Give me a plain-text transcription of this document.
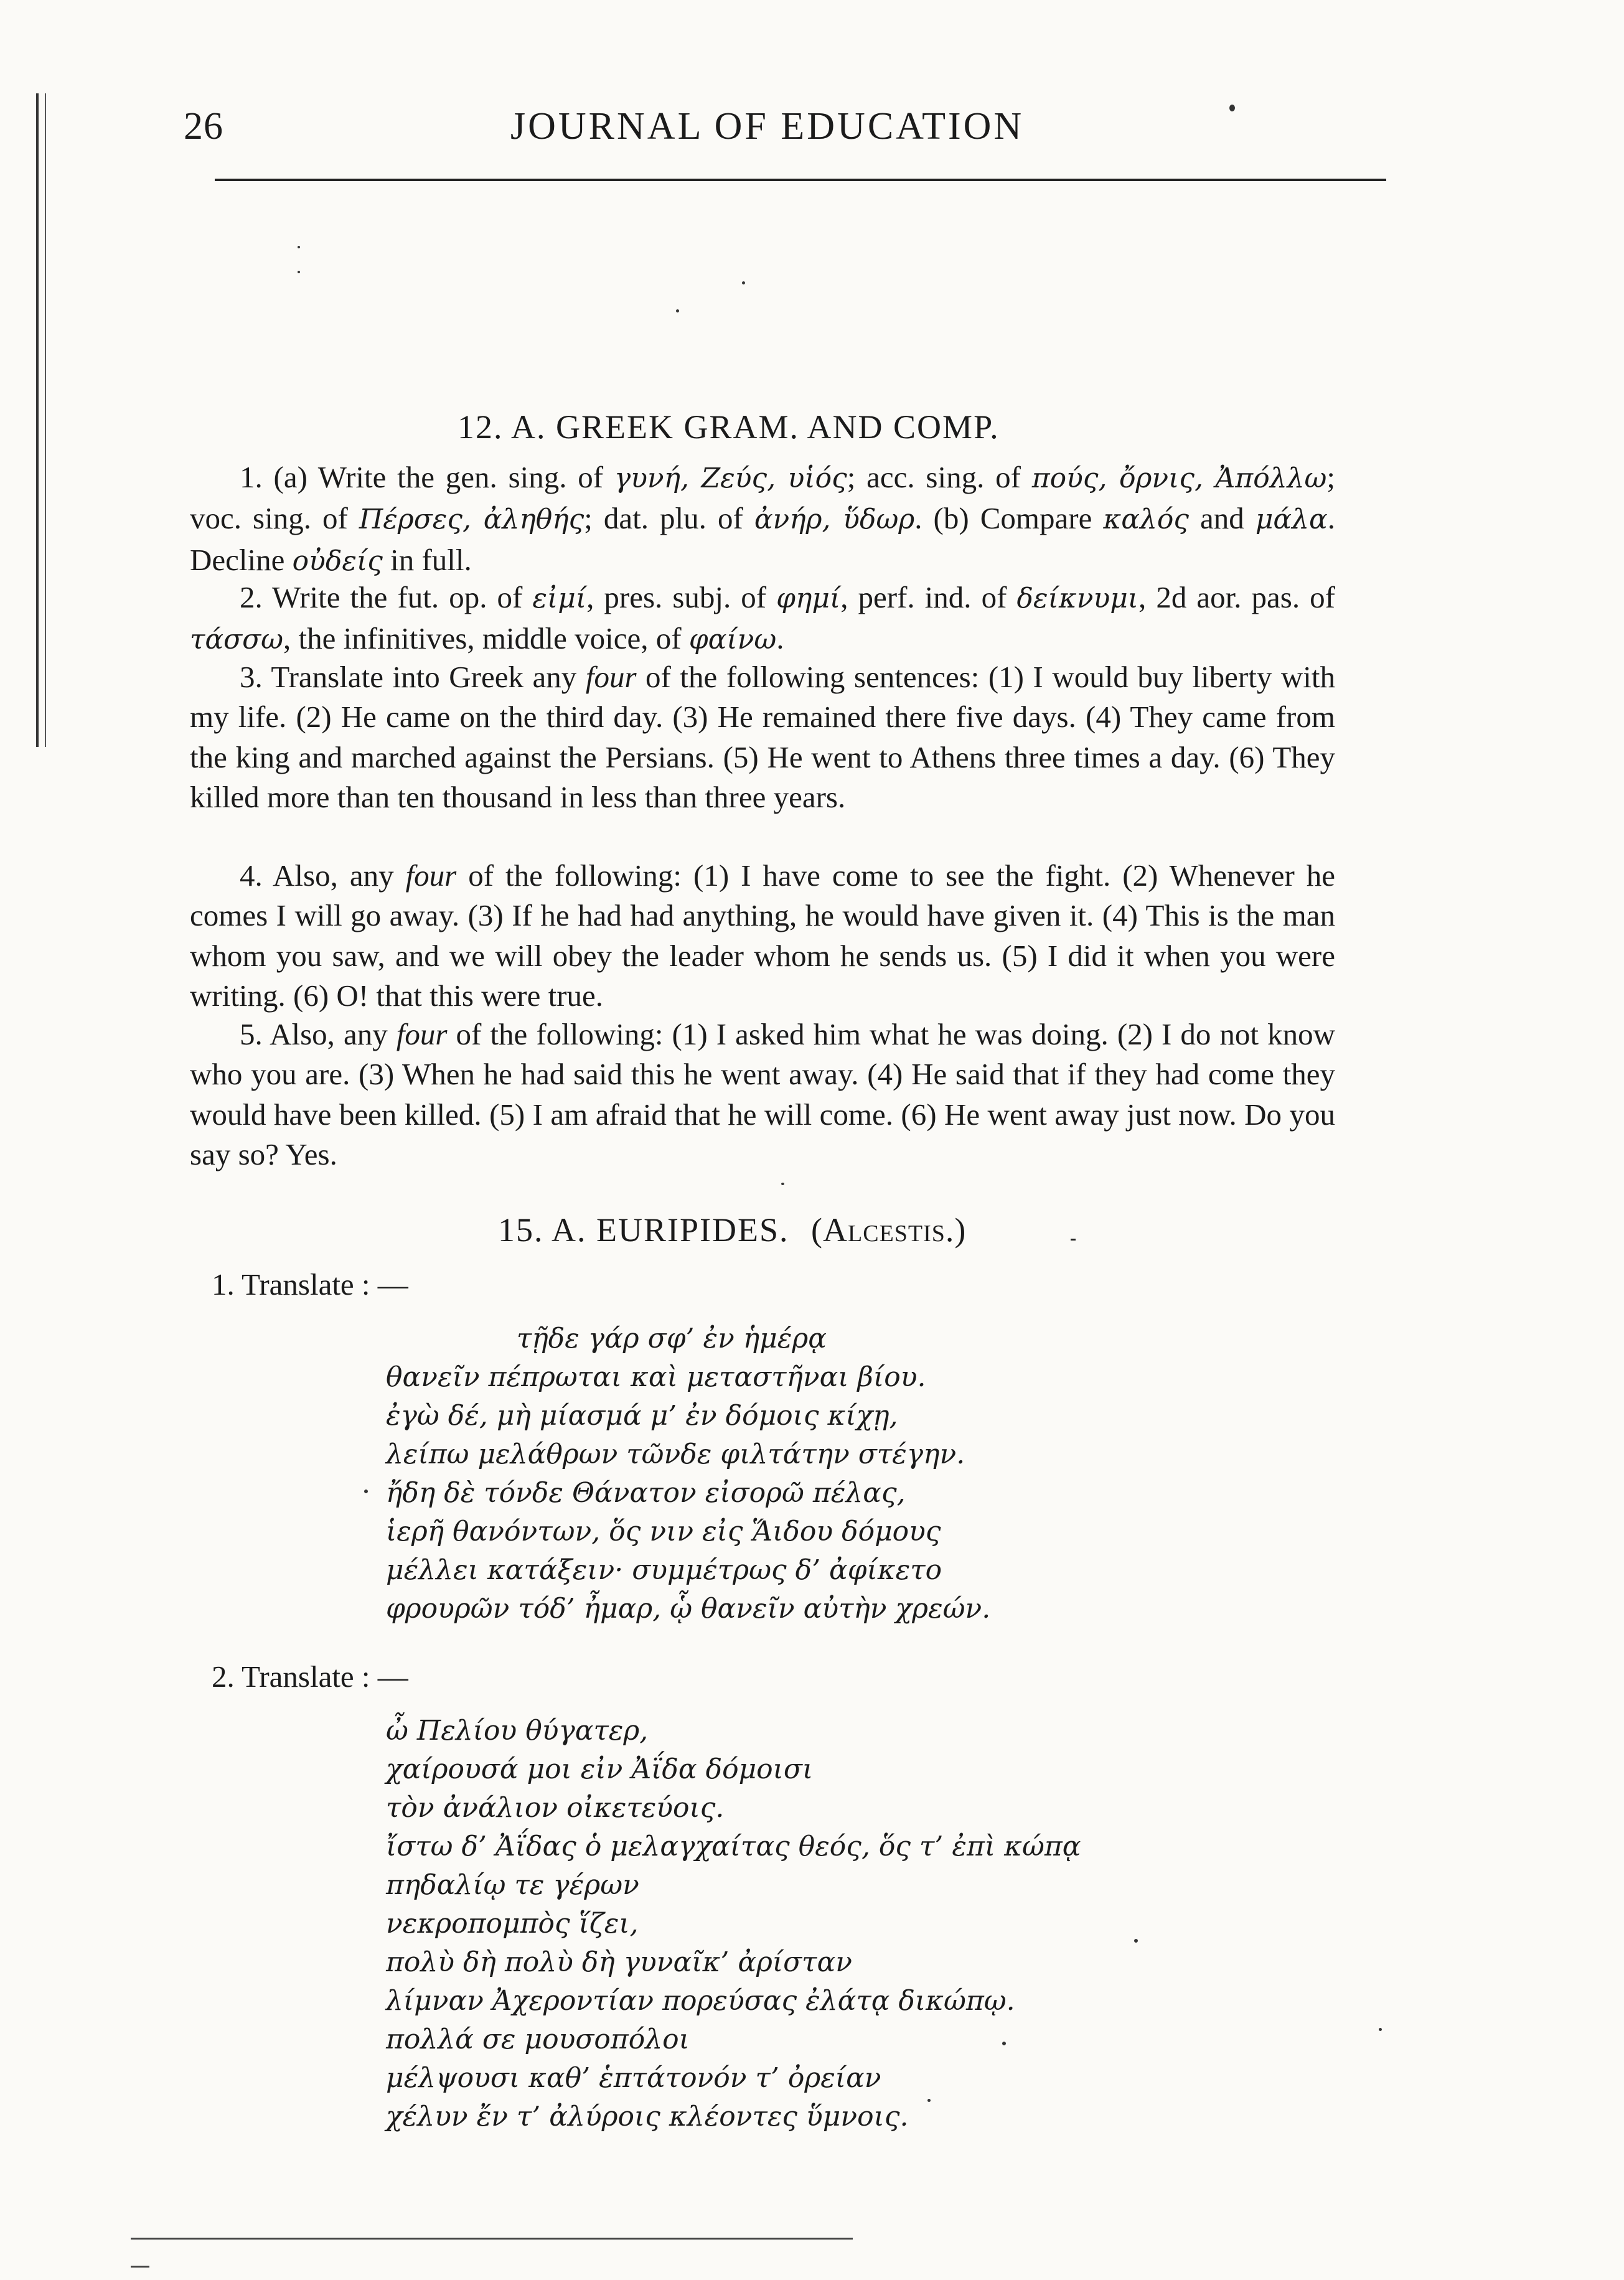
26	JOURNAL OF EDUCATION
12. A. GREEK GRAM. AND COMP.

1. (a) Write the gen. sing. of γυνή, Ζεύς, υἱός; acc. sing. of πούς, ὄρνις, Ἀπόλλω; voc. sing. of Πέρσες, ἀληθής; dat. plu. of ἀνήρ, ὕδωρ. (b) Compare καλός and μάλα. Decline οὐδείς in full.

2. Write the fut. op. of εἰμί, pres. subj. of φημί, perf. ind. of δείκνυμι, 2d aor. pas. of τάσσω, the infinitives, middle voice, of φαίνω.

3. Translate into Greek any four of the following sentences: (1) I would buy liberty with my life. (2) He came on the third day. (3) He remained there five days. (4) They came from the king and marched against the Persians. (5) He went to Athens three times a day. (6) They killed more than ten thousand in less than three years.

4. Also, any four of the following: (1) I have come to see the fight. (2) Whenever he comes I will go away. (3) If he had had anything, he would have given it. (4) This is the man whom you saw, and we will obey the leader whom he sends us. (5) I did it when you were writing. (6) O! that this were true.

5. Also, any four of the following: (1) I asked him what he was doing. (2) I do not know who you are. (3) When he had said this he went away. (4) He said that if they had come they would have been killed. (5) I am afraid that he will come. (6) He went away just now. Do you say so? Yes.

15. A. EURIPIDES. (Alcestis.)
1. Translate : —
τῇδε γάρ σφ’ ἐν ἡμέρᾳ
θανεῖν πέπρωται καὶ μεταστῆναι βίου.
ἐγὼ δέ, μὴ μίασμά μ’ ἐν δόμοις κίχῃ,
λείπω μελάθρων τῶνδε φιλτάτην στέγην.
ἤδη δὲ τόνδε Θάνατον εἰσορῶ πέλας,
ἱερῆ θανόντων, ὅς νιν εἰς Ἅιδου δόμους
μέλλει κατάξειν· συμμέτρως δ’ ἀφίκετο
φρουρῶν τόδ’ ἦμαρ, ᾧ θανεῖν αὐτὴν χρεών.
2. Translate : —
ὦ Πελίου θύγατερ,
χαίρουσά μοι εἰν Ἀΐδα δόμοισι
τὸν ἀνάλιον οἰκετεύοις.
ἴστω δ’ Ἀΐδας ὁ μελαγχαίτας θεός, ὅς τ’ ἐπὶ κώπᾳ
πηδαλίῳ τε γέρων
νεκροπομπὸς ἵζει,
πολὺ δὴ πολὺ δὴ γυναῖκ’ ἀρίσταν
λίμναν Ἀχεροντίαν πορεύσας ἐλάτᾳ δικώπῳ.
πολλά σε μουσοπόλοι
μέλψουσι καθ’ ἑπτάτονόν τ’ ὀρείαν
χέλυν ἔν τ’ ἀλύροις κλέοντες ὕμνοις.
